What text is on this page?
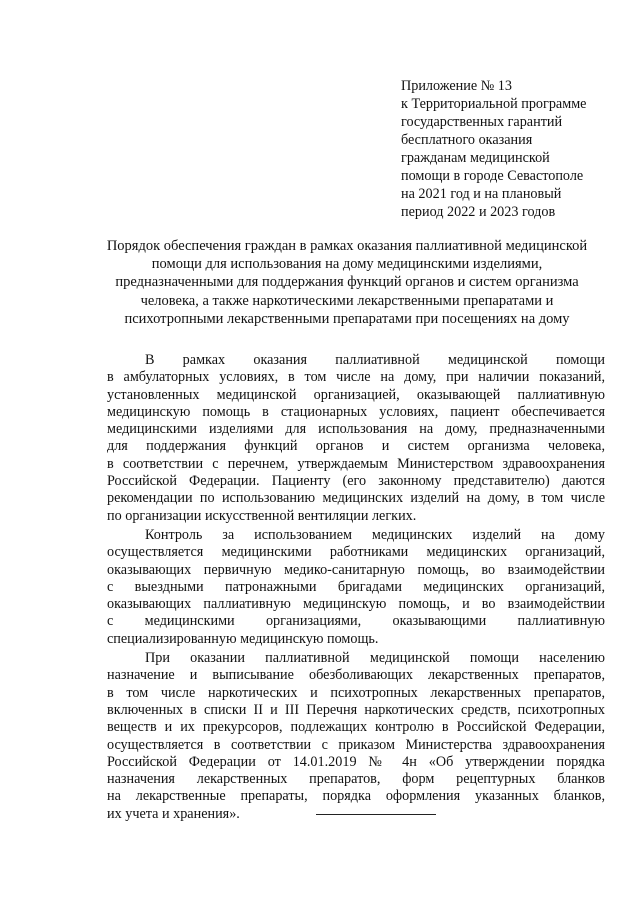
Приложение № 13
к Территориальной программе
государственных гарантий
бесплатного оказания
гражданам медицинской
помощи в городе Севастополе
на 2021 год и на плановый
период 2022 и 2023 годов
Порядок обеспечения граждан в рамках оказания паллиативной медицинской
помощи для использования на дому медицинскими изделиями,
предназначенными для поддержания функций органов и систем организма
человека, а также наркотическими лекарственными препаратами и
психотропными лекарственными препаратами при посещениях на дому
В рамках оказания паллиативной медицинской помощи
в амбулаторных условиях, в том числе на дому, при наличии показаний,
установленных медицинской организацией, оказывающей паллиативную
медицинскую помощь в стационарных условиях, пациент обеспечивается
медицинскими изделиями для использования на дому, предназначенными
для поддержания функций органов и систем организма человека,
в соответствии с перечнем, утверждаемым Министерством здравоохранения
Российской Федерации. Пациенту (его законному представителю) даются
рекомендации по использованию медицинских изделий на дому, в том числе
по организации искусственной вентиляции легких.
Контроль за использованием медицинских изделий на дому
осуществляется медицинскими работниками медицинских организаций,
оказывающих первичную медико-санитарную помощь, во взаимодействии
с выездными патронажными бригадами медицинских организаций,
оказывающих паллиативную медицинскую помощь, и во взаимодействии
с медицинскими организациями, оказывающими паллиативную
специализированную медицинскую помощь.
При оказании паллиативной медицинской помощи населению
назначение и выписывание обезболивающих лекарственных препаратов,
в том числе наркотических и психотропных лекарственных препаратов,
включенных в списки II и III Перечня наркотических средств, психотропных
веществ и их прекурсоров, подлежащих контролю в Российской Федерации,
осуществляется в соответствии с приказом Министерства здравоохранения
Российской Федерации от 14.01.2019 № 4н «Об утверждении порядка
назначения лекарственных препаратов, форм рецептурных бланков
на лекарственные препараты, порядка оформления указанных бланков,
их учета и хранения».
